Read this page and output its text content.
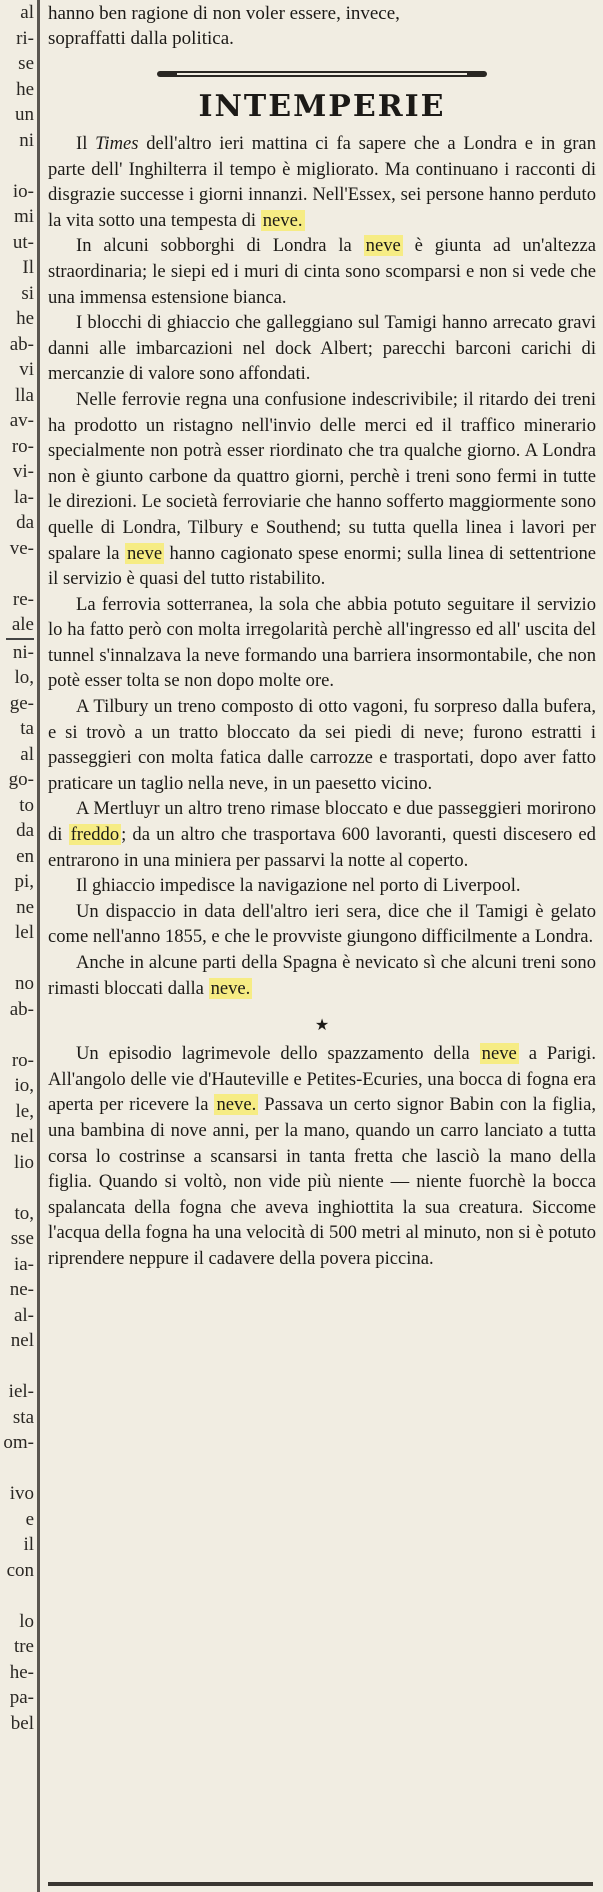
al
ri-
se
he
un
ni
io-
mi
ut-
Il
si
he
ab-
vi
lla
av-
ro-
vi-
la-
da
ve-
re-
ale
ni-
lo,
ge-
ta
al
go-
to
da
en
pi,
ne
lel
no
ab-
ro-
io,
le,
nel
lio
to,
sse
ia-
ne-
al-
nel
iel-
sta
om-
ivo
e
il
con
lo
tre
he-
pa-
bel
hanno ben ragione di non voler essere, invece,
sopraffatti dalla politica.
INTEMPERIE

Il Times dell'altro ieri mattina ci fa sapere che a Londra e in gran parte dell' Inghilterra il tempo è migliorato. Ma continuano i racconti di disgrazie successe i giorni innanzi. Nell'Essex, sei persone hanno perduto la vita sotto una tempesta di neve.

In alcuni sobborghi di Londra la neve è giunta ad un'altezza straordinaria; le siepi ed i muri di cinta sono scomparsi e non si vede che una immensa estensione bianca.

I blocchi di ghiaccio che galleggiano sul Tamigi hanno arrecato gravi danni alle imbarcazioni nel dock Albert; parecchi barconi carichi di mercanzie di valore sono affondati.

Nelle ferrovie regna una confusione indescrivibile; il ritardo dei treni ha prodotto un ristagno nell'invio delle merci ed il traffico minerario specialmente non potrà esser riordinato che tra qualche giorno. A Londra non è giunto carbone da quattro giorni, perchè i treni sono fermi in tutte le direzioni. Le società ferroviarie che hanno sofferto maggiormente sono quelle di Londra, Tilbury e Southend; su tutta quella linea i lavori per spalare la neve hanno cagionato spese enormi; sulla linea di settentrione il servizio è quasi del tutto ristabilito.

La ferrovia sotterranea, la sola che abbia potuto seguitare il servizio lo ha fatto però con molta irregolarità perchè all'ingresso ed all' uscita del tunnel s'innalzava la neve formando una barriera insormontabile, che non potè esser tolta se non dopo molte ore.

A Tilbury un treno composto di otto vagoni, fu sorpreso dalla bufera, e si trovò a un tratto bloccato da sei piedi di neve; furono estratti i passeggieri con molta fatica dalle carrozze e trasportati, dopo aver fatto praticare un taglio nella neve, in un paesetto vicino.

A Mertluyr un altro treno rimase bloccato e due passeggieri morirono di freddo ; da un altro che trasportava 600 lavoranti, questi discesero ed entrarono in una miniera per passarvi la notte al coperto.

Il ghiaccio impedisce la navigazione nel porto di Liverpool.

Un dispaccio in data dell'altro ieri sera, dice che il Tamigi è gelato come nell'anno 1855, e che le provviste giungono difficilmente a Londra.

Anche in alcune parti della Spagna è nevicato sì che alcuni treni sono rimasti bloccati dalla neve.

★

Un episodio lagrimevole dello spazzamento della neve a Parigi. All'angolo delle vie d'Hauteville e Petites-Ecuries, una bocca di fogna era aperta per ricevere la neve. Passava un certo signor Babin con la figlia, una bambina di nove anni, per la mano, quando un carro lanciato a tutta corsa lo costrinse a scansarsi in tanta fretta che lasciò la mano della figlia. Quando si voltò, non vide più niente — niente fuorchè la bocca spalancata della fogna che aveva inghiottita la sua creatura. Siccome l'acqua della fogna ha una velocità di 500 metri al minuto, non si è potuto riprendere neppure il cadavere della povera piccina.
